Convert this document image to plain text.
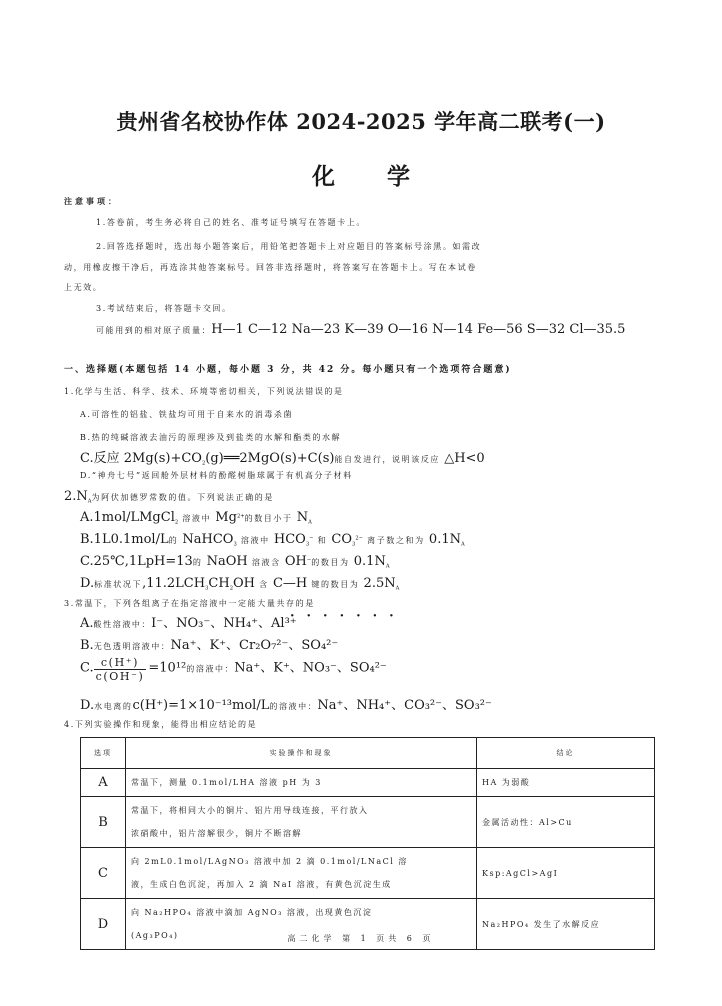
贵州省名校协作体 2024-2025 学年高二联考(一)
化 学
注意事项：
1.答卷前，考生务必将自己的姓名、准考证号填写在答题卡上。
2.回答选择题时，选出每小题答案后，用铅笔把答题卡上对应题目的答案标号涂黑。如需改
动，用橡皮擦干净后，再选涂其他答案标号。回答非选择题时，将答案写在答题卡上。写在本试卷
上无效。
3.考试结束后，将答题卡交回。
可能用到的相对原子质量：H—1 C—12 Na—23 K—39 O—16 N—14 Fe—56 S—32 Cl—35.5
一、选择题(本题包括 14 小题，每小题 3 分，共 42 分。每小题只有一个选项符合题意)
1.化学与生活、科学、技术、环境等密切相关，下列说法错误的是
A.可溶性的铝盐、铁盐均可用于自来水的消毒杀菌
B.热的纯碱溶液去油污的原理涉及到盐类的水解和酯类的水解
C.反应 $2Mg(s)+CO_2(g)══2MgO(s)+C(s)$能自发进行，说明该反应 △H<0
D.“神舟七号”返回舱外层材料的酚醛树脂球属于有机高分子材料
$2.N_A$为阿伏加德罗常数的值。下列说法正确的是
A.1mol/LMgCl$_2$ 溶液中 $Mg^{2+}$的数目小于 $N_A$
B.1L0.1mol/L的 NaHCO$_3$ 溶液中 $HCO_3^-$ 和 $CO_3^{2-}$ 离子数之和为 $0.1N_A$
C.25℃,1LpH=13的 NaOH 溶液含 OH−的数目为 $0.1N_A$
D.标准状况下$,11.2LCH_3CH_2OH$ 含 C—H 键的数目为 $2.5N_A$
3.常温下，下列各组离子在指定溶液中一定能大量共存的是
·······
A.酸性溶液中：I⁻、NO₃⁻、NH₄⁺、Al³⁺
B.无色透明溶液中：Na⁺、K⁺、Cr₂O₇²⁻、SO₄²⁻
C. $\frac{c(H^+)}{c(OH^-)} =10^{12}$的溶液中：Na⁺、K⁺、NO₃⁻、SO₄²⁻
D.水电离的c(H⁺)=1×10⁻¹³mol/L的溶液中：Na⁺、NH₄⁺、CO₃²⁻、SO₃²⁻
4.下列实验操作和现象，能得出相应结论的是
选项	实验操作和现象	结论
A	常温下，测量 0.1mol/LHA 溶液 pH 为 3	HA 为弱酸
B	常温下，将相同大小的铜片、铝片用导线连接，平行放入
浓硝酸中，铝片溶解很少，铜片不断溶解	金属活动性：Al>Cu
C	向 2mL0.1mol/LAgNO₃ 溶液中加 2 滴 0.1mol/LNaCl 溶
液，生成白色沉淀，再加入 2 滴 NaI 溶液，有黄色沉淀生成	Ksp:AgCl>AgI
D	向 Na₂HPO₄ 溶液中滴加 AgNO₃ 溶液，出现黄色沉淀
(Ag₃PO₄)	Na₂HPO₄ 发生了水解反应
高二化学 第 1 页共 6 页
